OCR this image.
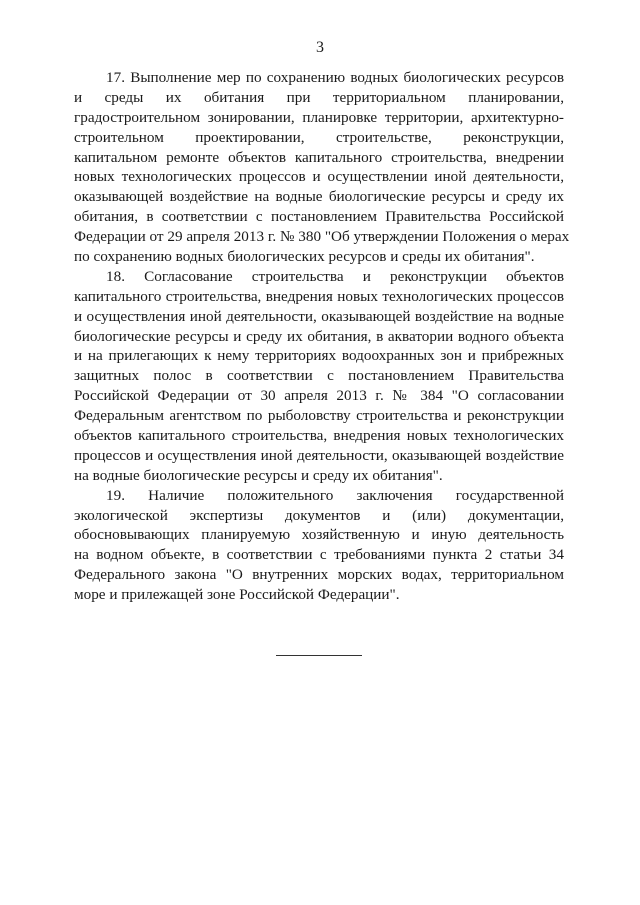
3

17. Выполнение мер по сохранению водных биологических ресурсов
и среды их обитания при территориальном планировании,
градостроительном зонировании, планировке территории, архитектурно-
строительном проектировании, строительстве, реконструкции,
капитальном ремонте объектов капитального строительства, внедрении
новых технологических процессов и осуществлении иной деятельности,
оказывающей воздействие на водные биологические ресурсы и среду их
обитания, в соответствии с постановлением Правительства Российской
Федерации от 29 апреля 2013 г. № 380 "Об утверждении Положения о мерах
по сохранению водных биологических ресурсов и среды их обитания".

18. Согласование строительства и реконструкции объектов
капитального строительства, внедрения новых технологических процессов
и осуществления иной деятельности, оказывающей воздействие на водные
биологические ресурсы и среду их обитания, в акватории водного объекта
и на прилегающих к нему территориях водоохранных зон и прибрежных
защитных полос в соответствии с постановлением Правительства
Российской Федерации от 30 апреля 2013 г. № 384 "О согласовании
Федеральным агентством по рыболовству строительства и реконструкции
объектов капитального строительства, внедрения новых технологических
процессов и осуществления иной деятельности, оказывающей воздействие
на водные биологические ресурсы и среду их обитания".

19. Наличие положительного заключения государственной
экологической экспертизы документов и (или) документации,
обосновывающих планируемую хозяйственную и иную деятельность
на водном объекте, в соответствии с требованиями пункта 2 статьи 34
Федерального закона "О внутренних морских водах, территориальном
море и прилежащей зоне Российской Федерации".
